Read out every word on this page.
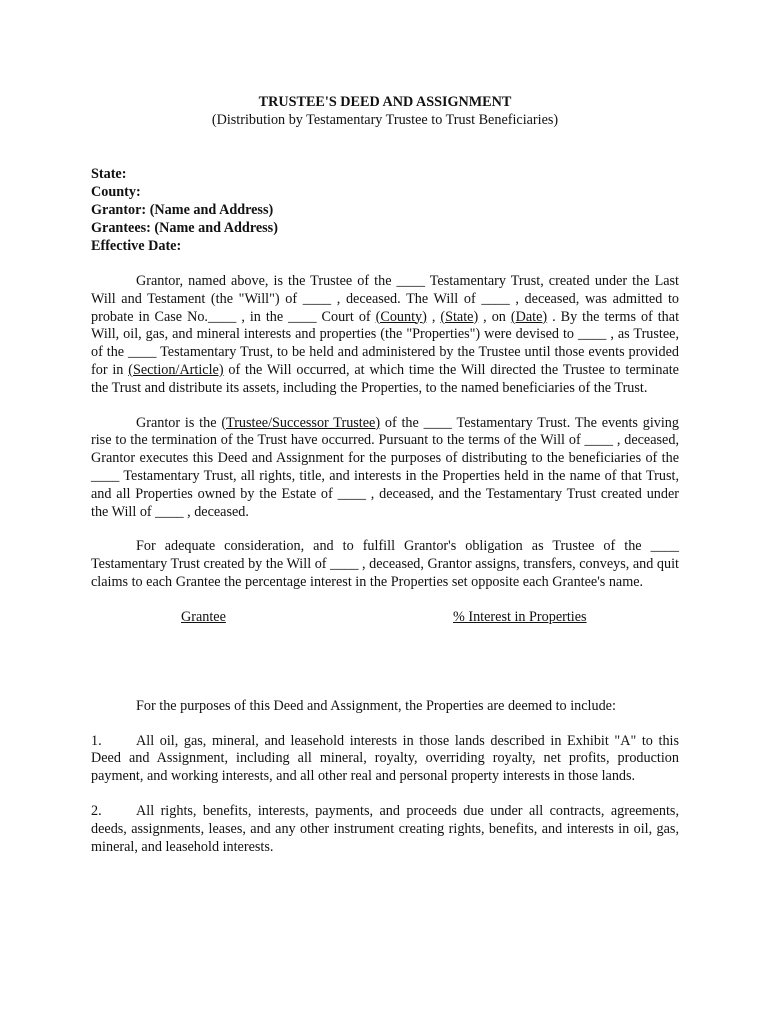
TRUSTEE'S DEED AND ASSIGNMENT
(Distribution by Testamentary Trustee to Trust Beneficiaries)
State:
County:
Grantor: (Name and Address)
Grantees: (Name and Address)
Effective Date:

Grantor, named above, is the Trustee of the ____ Testamentary Trust, created under the Last Will and Testament (the "Will") of ____ , deceased. The Will of ____ , deceased, was admitted to probate in Case No.____ , in the ____ Court of (County) , (State) , on (Date) . By the terms of that Will, oil, gas, and mineral interests and properties (the "Properties") were devised to ____ , as Trustee, of the ____ Testamentary Trust, to be held and administered by the Trustee until those events provided for in (Section/Article) of the Will occurred, at which time the Will directed the Trustee to terminate the Trust and distribute its assets, including the Properties, to the named beneficiaries of the Trust.

Grantor is the (Trustee/Successor Trustee) of the ____ Testamentary Trust. The events giving rise to the termination of the Trust have occurred. Pursuant to the terms of the Will of ____ , deceased, Grantor executes this Deed and Assignment for the purposes of distributing to the beneficiaries of the ____ Testamentary Trust, all rights, title, and interests in the Properties held in the name of that Trust, and all Properties owned by the Estate of ____ , deceased, and the Testamentary Trust created under the Will of ____ , deceased.

For adequate consideration, and to fulfill Grantor's obligation as Trustee of the ____ Testamentary Trust created by the Will of ____ , deceased, Grantor assigns, transfers, conveys, and quit claims to each Grantee the percentage interest in the Properties set opposite each Grantee's name.

Grantee	% Interest in Properties

For the purposes of this Deed and Assignment, the Properties are deemed to include:

1. All oil, gas, mineral, and leasehold interests in those lands described in Exhibit "A" to this Deed and Assignment, including all mineral, royalty, overriding royalty, net profits, production payment, and working interests, and all other real and personal property interests in those lands.

2. All rights, benefits, interests, payments, and proceeds due under all contracts, agreements, deeds, assignments, leases, and any other instrument creating rights, benefits, and interests in oil, gas, mineral, and leasehold interests.
